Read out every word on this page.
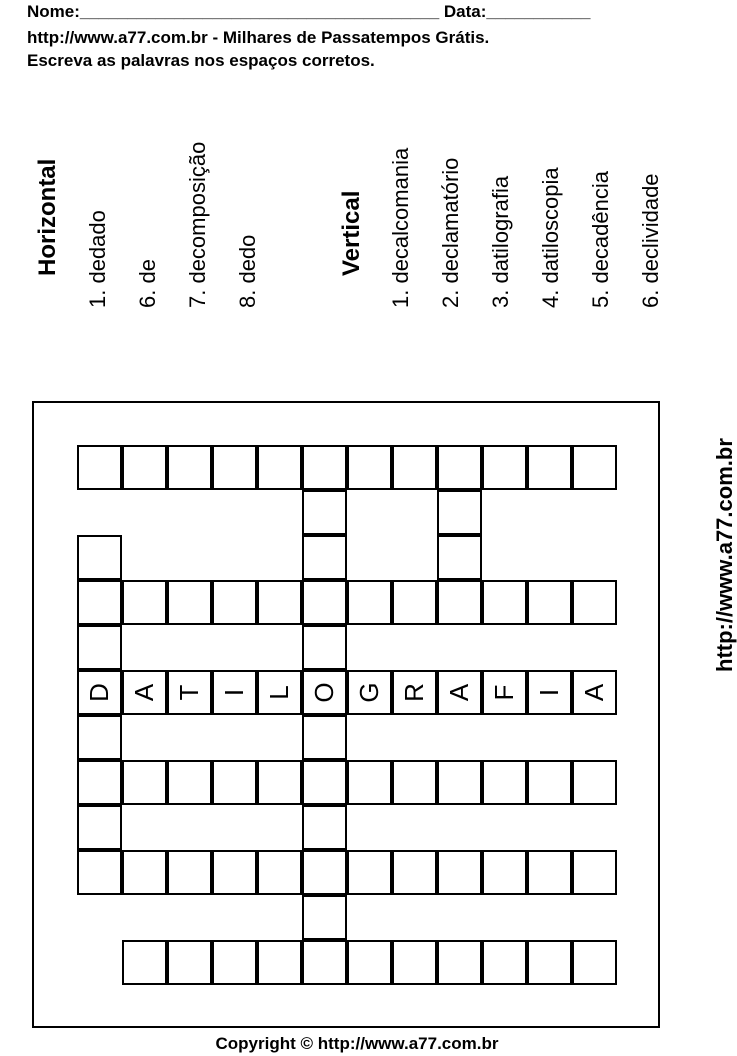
Nome:______________________________________ Data:___________
http://www.a77.com.br - Milhares de Passatempos Grátis.
Escreva as palavras nos espaços corretos.
Horizontal 1. dedado 6. de 7. decomposição 8. dedo	Vertical 1. decalcomania 2. declamatório 3. datilografia 4. datiloscopia 5. decadência 6. declividade
http://www.a77.com.br
D A T I L O G R A F I A
Copyright © http://www.a77.com.br
